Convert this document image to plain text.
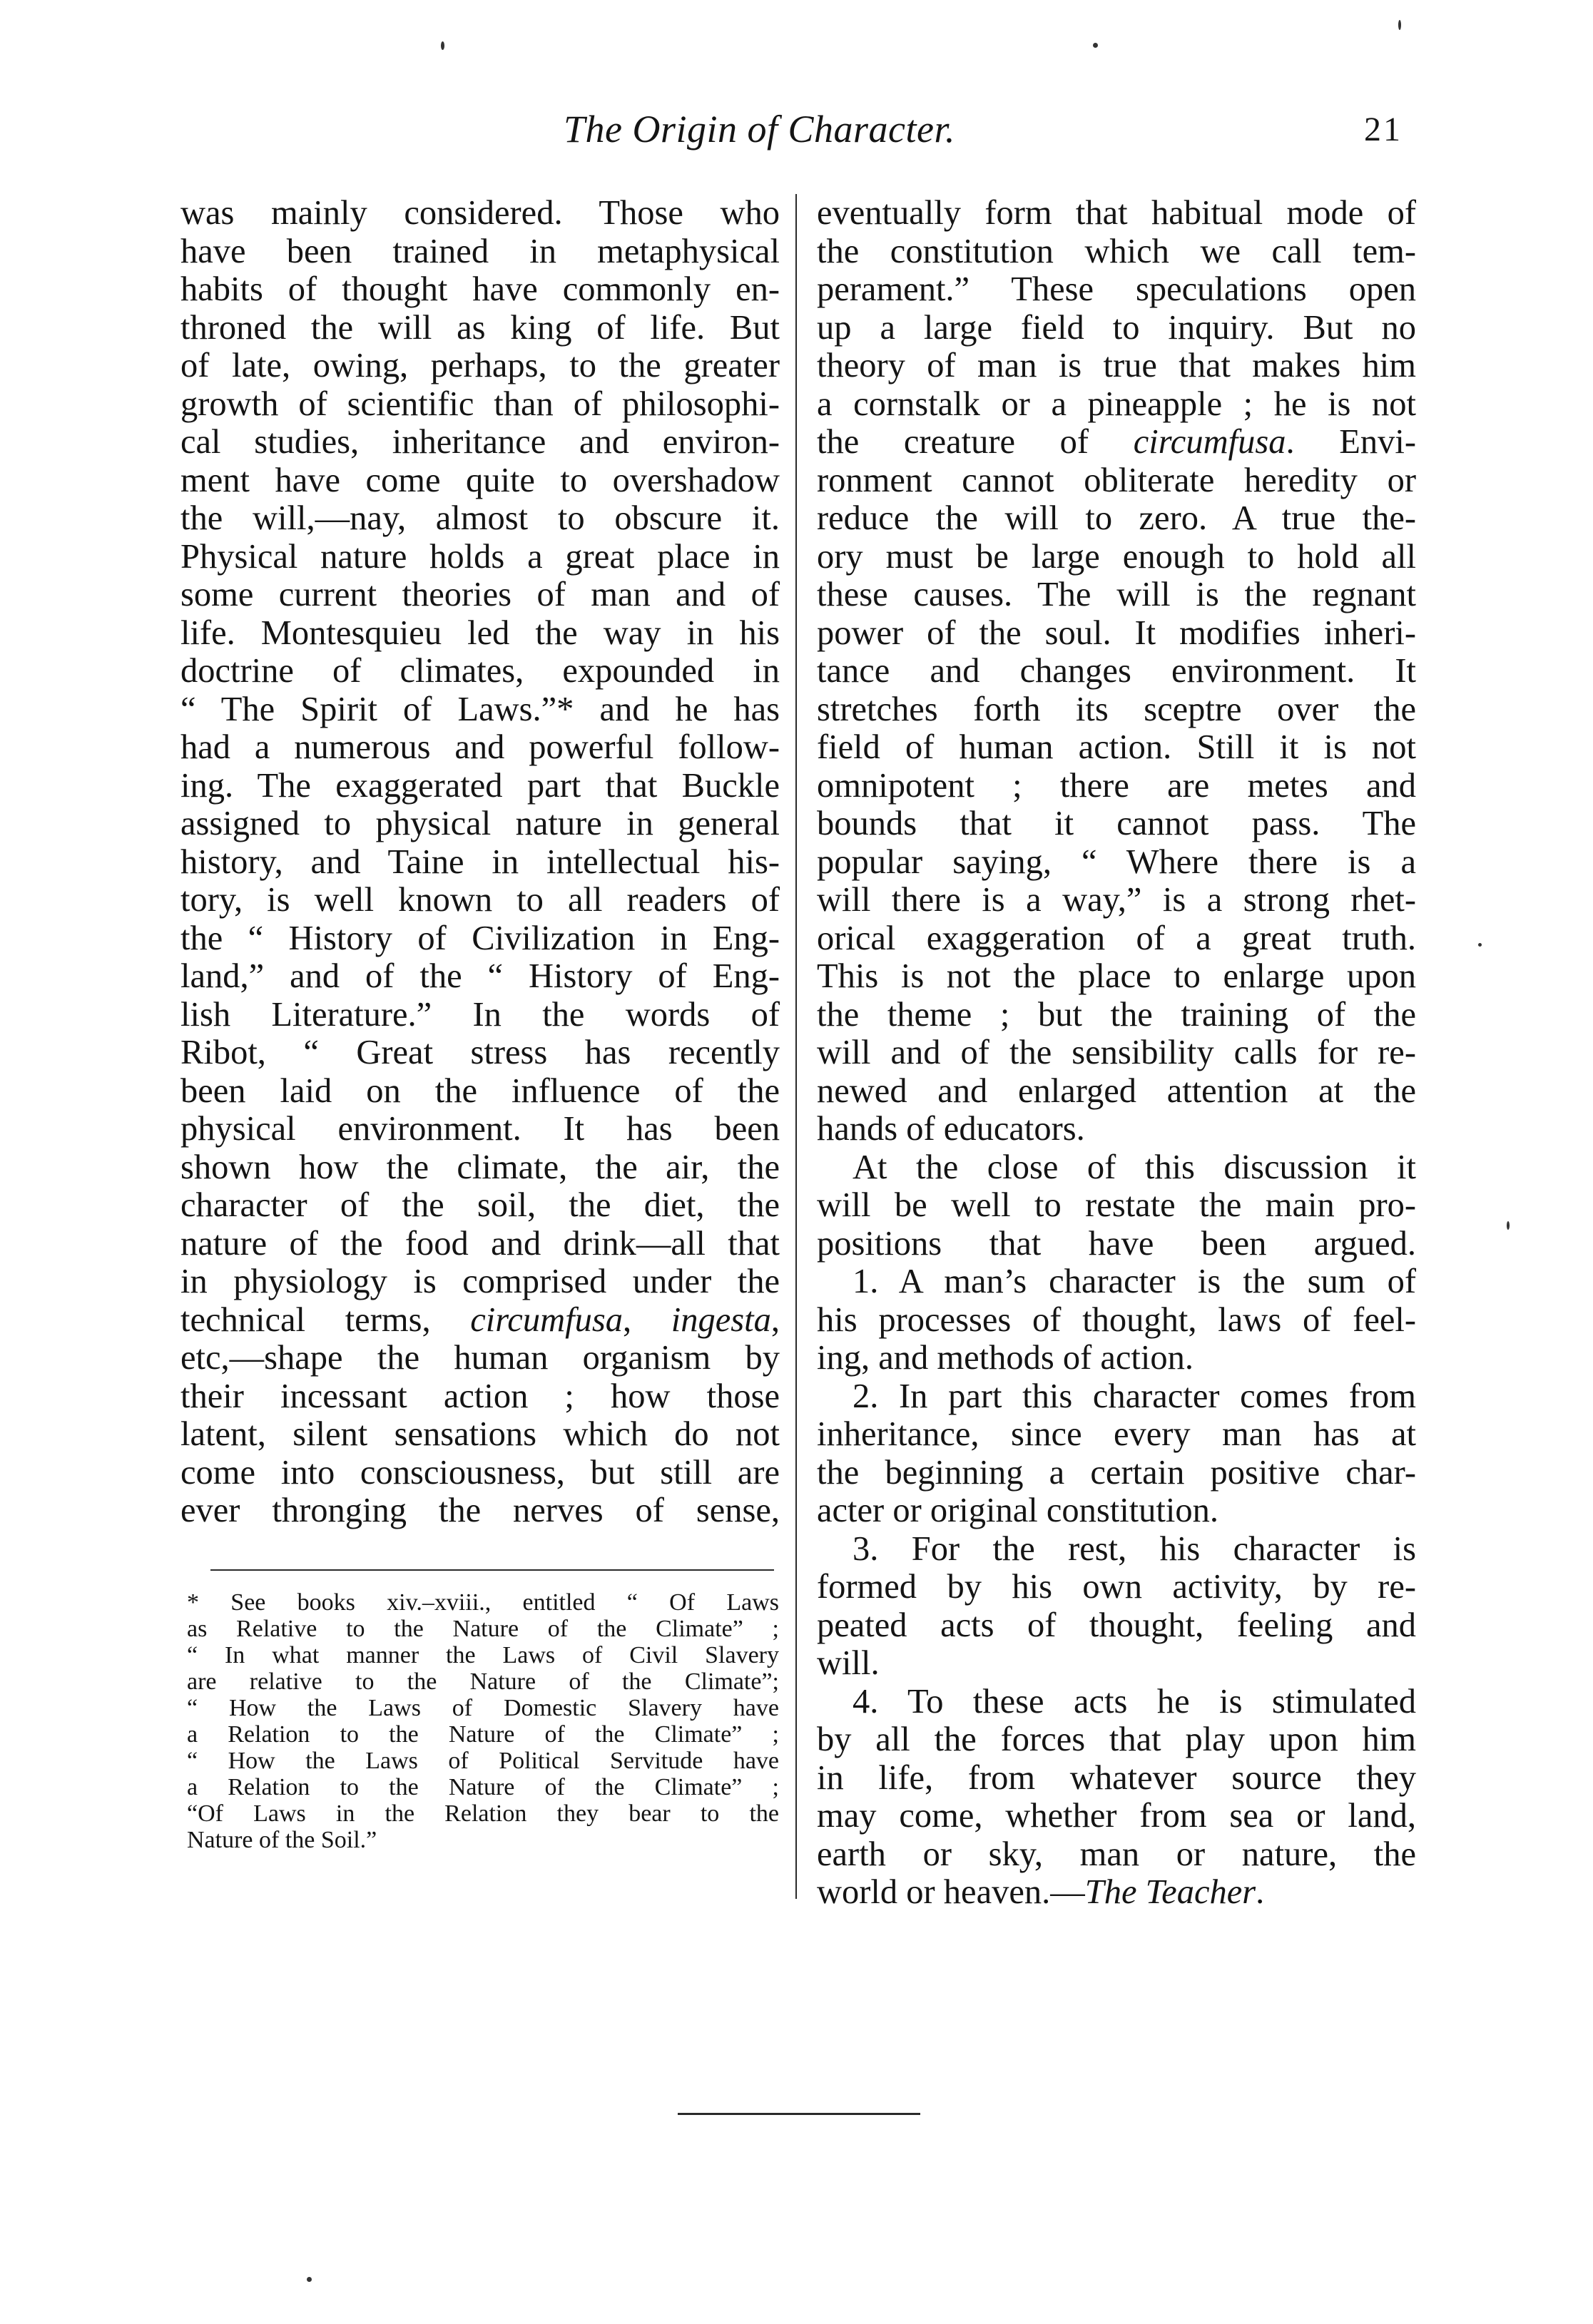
The Origin of Character.	21

was mainly considered. Those who

have been trained in metaphysical

habits of thought have commonly en-

throned the will as king of life. But

of late, owing, perhaps, to the greater

growth of scientific than of philosophi-

cal studies, inheritance and environ-

ment have come quite to overshadow

the will,—nay, almost to obscure it.

Physical nature holds a great place in

some current theories of man and of

life. Montesquieu led the way in his

doctrine of climates, expounded in

“ The Spirit of Laws.”* and he has

had a numerous and powerful follow-

ing. The exaggerated part that Buckle

assigned to physical nature in general

history, and Taine in intellectual his-

tory, is well known to all readers of

the “ History of Civilization in Eng-

land,” and of the “ History of Eng-

lish Literature.” In the words of

Ribot, “ Great stress has recently

been laid on the influence of the

physical environment. It has been

shown how the climate, the air, the

character of the soil, the diet, the

nature of the food and drink—all that

in physiology is comprised under the

technical terms, circumfusa, ingesta,

etc,—shape the human organism by

their incessant action ; how those

latent, silent sensations which do not

come into consciousness, but still are

ever thronging the nerves of sense,

* See books xiv.–xviii., entitled “ Of Laws

as Relative to the Nature of the Climate” ;

“ In what manner the Laws of Civil Slavery

are relative to the Nature of the Climate”;

“ How the Laws of Domestic Slavery have

a Relation to the Nature of the Climate” ;

“ How the Laws of Political Servitude have

a Relation to the Nature of the Climate” ;

“Of Laws in the Relation they bear to the

Nature of the Soil.”

eventually form that habitual mode of

the constitution which we call tem-

perament.” These speculations open

up a large field to inquiry. But no

theory of man is true that makes him

a cornstalk or a pineapple ; he is not

the creature of circumfusa. Envi-

ronment cannot obliterate heredity or

reduce the will to zero. A true the-

ory must be large enough to hold all

these causes. The will is the regnant

power of the soul. It modifies inheri-

tance and changes environment. It

stretches forth its sceptre over the

field of human action. Still it is not

omnipotent ; there are metes and

bounds that it cannot pass. The

popular saying, “ Where there is a

will there is a way,” is a strong rhet-

orical exaggeration of a great truth.

This is not the place to enlarge upon

the theme ; but the training of the

will and of the sensibility calls for re-

newed and enlarged attention at the

hands of educators.

At the close of this discussion it

will be well to restate the main pro-

positions that have been argued.

1. A man’s character is the sum of

his processes of thought, laws of feel-

ing, and methods of action.

2. In part this character comes from

inheritance, since every man has at

the beginning a certain positive char-

acter or original constitution.

3. For the rest, his character is

formed by his own activity, by re-

peated acts of thought, feeling and

will.

4. To these acts he is stimulated

by all the forces that play upon him

in life, from whatever source they

may come, whether from sea or land,

earth or sky, man or nature, the

world or heaven.—The Teacher.
